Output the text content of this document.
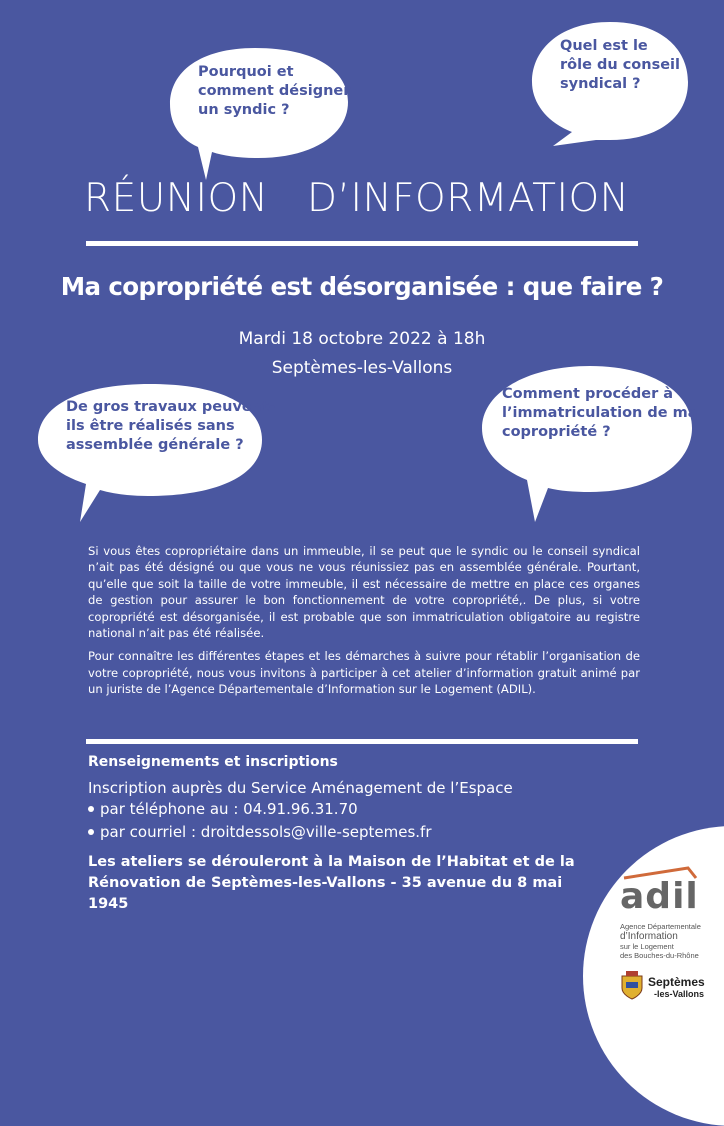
Pourquoi et
comment désigner
un syndic ?
Quel est le
rôle du conseil
syndical ?
De gros travaux peuvent-
ils être réalisés sans
assemblée générale ?
Comment procéder à
l’immatriculation de ma
copropriété ?
RÉUNION   D’INFORMATION
Ma copropriété est désorganisée : que faire ?
Mardi 18 octobre 2022 à 18h
Septèmes-les-Vallons

Si vous êtes copropriétaire dans un immeuble, il se peut que le syndic ou le conseil syndical n’ait pas été désigné ou que vous ne vous réunissiez pas en assemblée générale. Pourtant, qu’elle que soit la taille de votre immeuble, il est nécessaire de mettre en place ces organes de gestion pour assurer le bon fonctionnement de votre copropriété,. De plus, si votre copropriété est désorganisée, il est probable que son immatriculation obligatoire au registre national n’ait pas été réalisée.

Pour connaître les différentes étapes et les démarches à suivre pour rétablir l’organisation de votre copropriété, nous vous invitons à participer à cet atelier d’information gratuit animé par un juriste de l’Agence Départementale d’Information sur le Logement (ADIL).

Renseignements et inscriptions
Inscription auprès du Service Aménagement de l’Espace
par téléphone au : 04.91.96.31.70
par courriel : droitdessols@ville-septemes.fr
Les ateliers se dérouleront à la Maison de l’Habitat et de la
Rénovation de Septèmes-les-Vallons - 35 avenue du 8 mai 1945	adil
Agence Départementale
d’Information
sur le Logement
des Bouches-du-Rhône
Septèmes
-les-Vallons
